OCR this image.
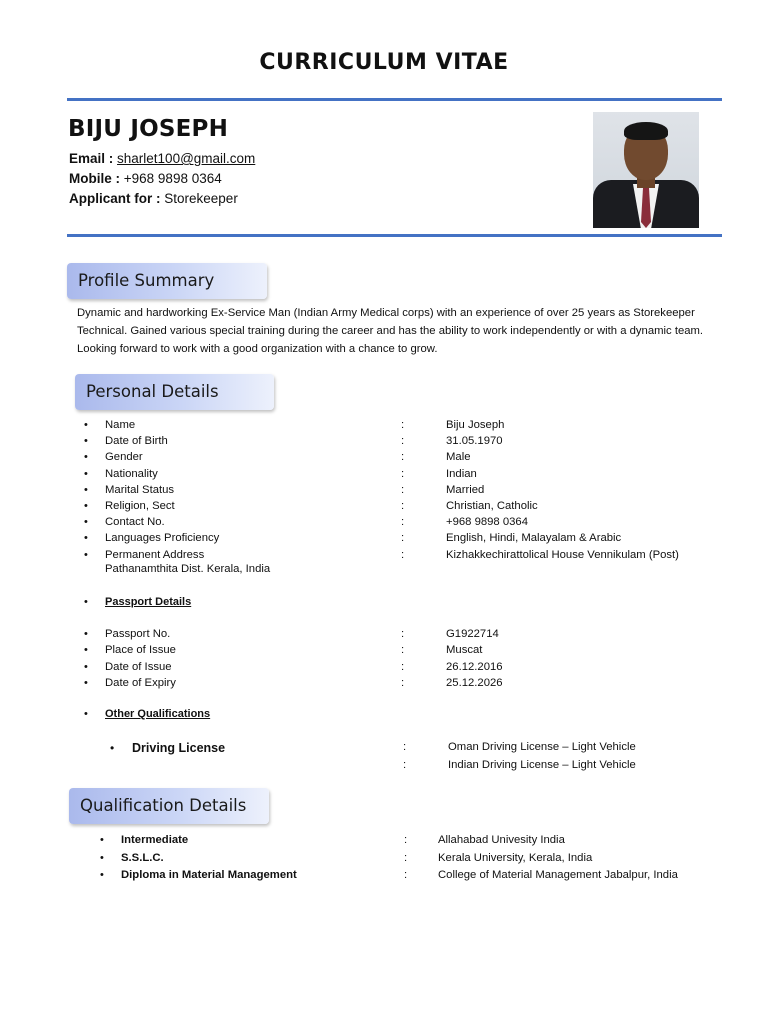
CURRICULUM VITAE
BIJU JOSEPH
Email : sharlet100@gmail.com
Mobile : +968 9898 0364
Applicant for : Storekeeper
Profile Summary
Dynamic and hardworking Ex-Service Man (Indian Army Medical corps) with an experience of over 25 years as Storekeeper Technical. Gained various special training during the career and has the ability to work independently or with a dynamic team. Looking forward to work with a good organization with a chance to grow.
Personal Details
• Name	:	Biju Joseph
• Date of Birth	:	31.05.1970
• Gender	:	Male
• Nationality	:	Indian
• Marital Status	:	Married
• Religion, Sect	:	Christian, Catholic
• Contact No.	:	+968 9898 0364
• Languages Proficiency	:	English, Hindi, Malayalam & Arabic
• Permanent Address	:	Kizhakkechirattolical House Vennikulam (Post)
Pathanamthita Dist. Kerala, India
• Passport Details
• Passport No.	:	G1922714
• Place of Issue	:	Muscat
• Date of Issue	:	26.12.2016
• Date of Expiry	:	25.12.2026
• Other Qualifications
• Driving License	:	Oman Driving License – Light Vehicle
:	Indian Driving License – Light Vehicle
Qualification Details
• Intermediate	:	Allahabad Univesity India
• S.S.L.C.	:	Kerala University, Kerala, India
• Diploma in Material Management	:	College of Material Management Jabalpur, India
